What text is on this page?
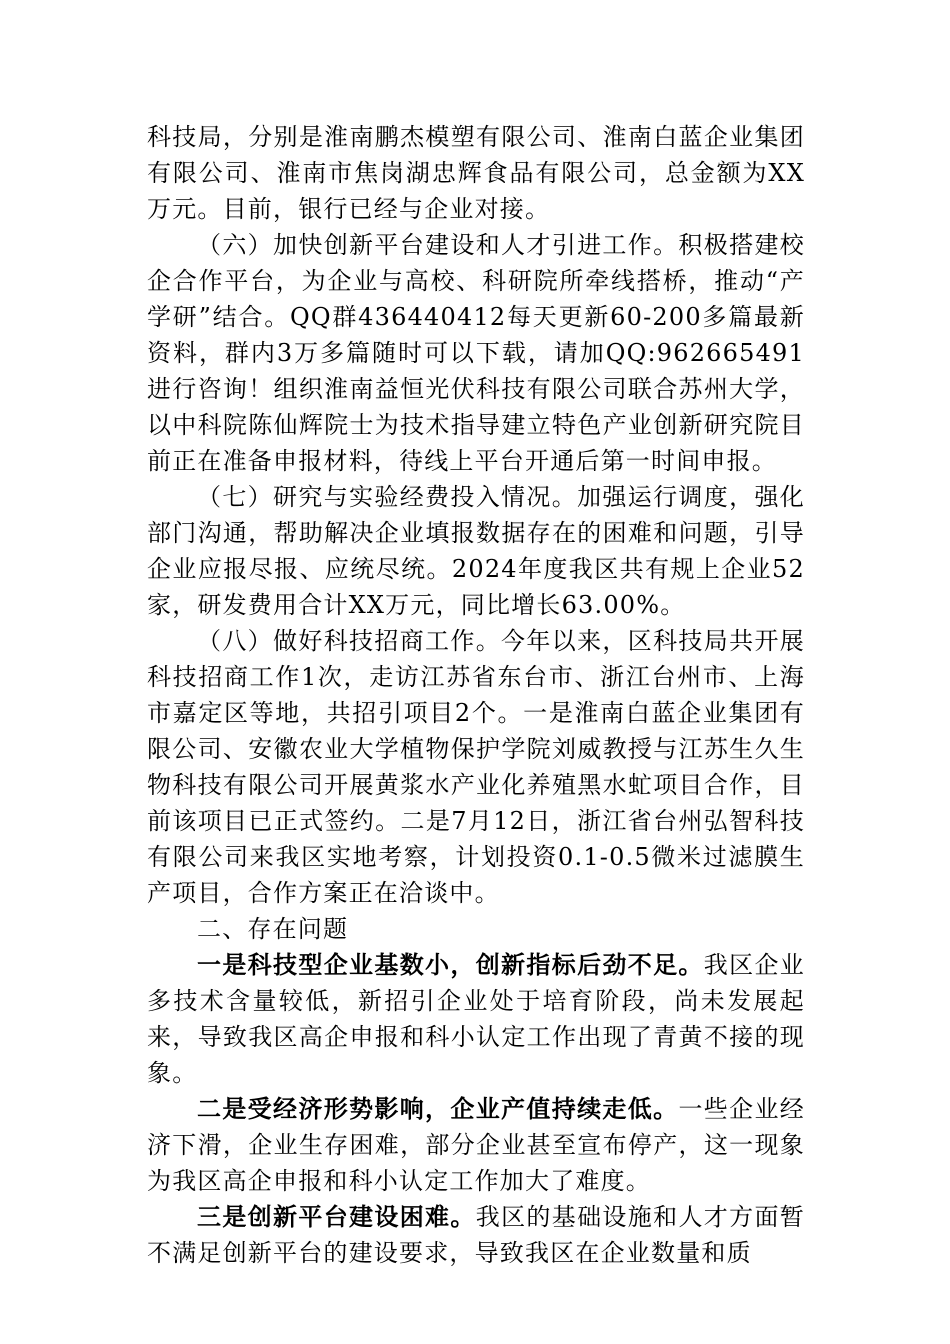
科技局，分别是淮南鹏杰模塑有限公司、淮南白蓝企业集团有限公司、淮南市焦岗湖忠辉食品有限公司，总金额为XX万元。目前，银行已经与企业对接。

（六）加快创新平台建设和人才引进工作。积极搭建校企合作平台，为企业与高校、科研院所牵线搭桥，推动“产学研”结合。QQ群436440412每天更新60-200多篇最新资料，群内3万多篇随时可以下载，请加QQ:962665491进行咨询！组织淮南益恒光伏科技有限公司联合苏州大学，以中科院陈仙辉院士为技术指导建立特色产业创新研究院目前正在准备申报材料，待线上平台开通后第一时间申报。

（七）研究与实验经费投入情况。加强运行调度，强化部门沟通，帮助解决企业填报数据存在的困难和问题，引导企业应报尽报、应统尽统。2024年度我区共有规上企业52家，研发费用合计XX万元，同比增长63.00%。

（八）做好科技招商工作。今年以来，区科技局共开展科技招商工作1次，走访江苏省东台市、浙江台州市、上海市嘉定区等地，共招引项目2个。一是淮南白蓝企业集团有限公司、安徽农业大学植物保护学院刘威教授与江苏生久生物科技有限公司开展黄浆水产业化养殖黑水虻项目合作，目前该项目已正式签约。二是7月12日，浙江省台州弘智科技有限公司来我区实地考察，计划投资0.1-0.5微米过滤膜生产项目，合作方案正在洽谈中。

二、存在问题

一是科技型企业基数小，创新指标后劲不足。我区企业多技术含量较低，新招引企业处于培育阶段，尚未发展起来，导致我区高企申报和科小认定工作出现了青黄不接的现象。

二是受经济形势影响，企业产值持续走低。一些企业经济下滑，企业生存困难，部分企业甚至宣布停产，这一现象为我区高企申报和科小认定工作加大了难度。

三是创新平台建设困难。我区的基础设施和人才方面暂不满足创新平台的建设要求，导致我区在企业数量和质
